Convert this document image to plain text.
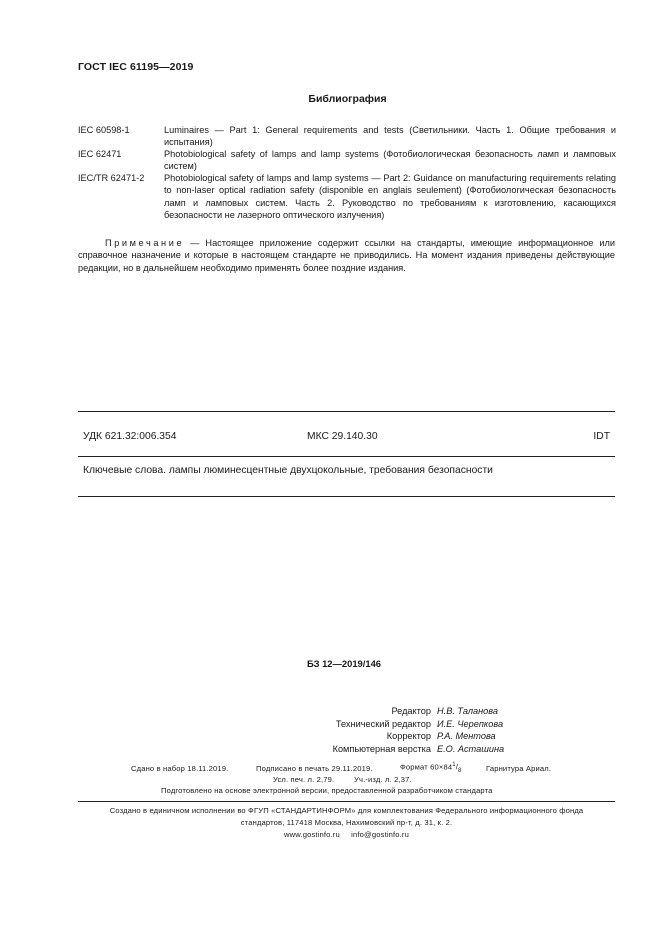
ГОСТ IEC 61195—2019
Библиография
IEC 60598-1	Luminaires — Part 1: General requirements and tests (Светильники. Часть 1. Общие требования и испытания)
IEC 62471	Photobiological safety of lamps and lamp systems (Фотобиологическая безопасность ламп и ламповых систем)
IEC/TR 62471-2	Photobiological safety of lamps and lamp systems — Part 2: Guidance on manufacturing requirements relating to non-laser optical radiation safety (disponible en anglais seulement) (Фотобиологическая безопасность ламп и ламповых систем. Часть 2. Руководство по требованиям к изготовлению, касающихся безопасности не лазерного оптического излучения)
Примечание — Настоящее приложение содержит ссылки на стандарты, имеющие информационное или справочное назначение и которые в настоящем стандарте не приводились. На момент издания приведены действующие редакции, но в дальнейшем необходимо применять более поздние издания.
УДК 621.32:006.354	МКС 29.140.30	IDT
Ключевые слова. лампы люминесцентные двухцокольные, требования безопасности
БЗ 12—2019/146
Редактор Н.В. Таланова
Технический редактор И.Е. Черепкова
Корректор Р.А. Ментова
Компьютерная верстка Е.О. Асташина
Сдано в набор 18.11.2019.	Подписано в печать 29.11.2019.	Формат $60\times 84^1/_8$	Гарнитура Ариал.
Усл. печ. л. 2,79.	Уч.-изд. л. 2,37.
Подготовлено на основе электронной версии, предоставленной разработчиком стандарта
Создано в единичном исполнении во ФГУП «СТАНДАРТИНФОРМ» для комплектования Федерального информационного фонда
стандартов, 117418 Москва, Нахимовский пр-т, д. 31, к. 2.
www.gostinfo.ru info@gostinfo.ru
